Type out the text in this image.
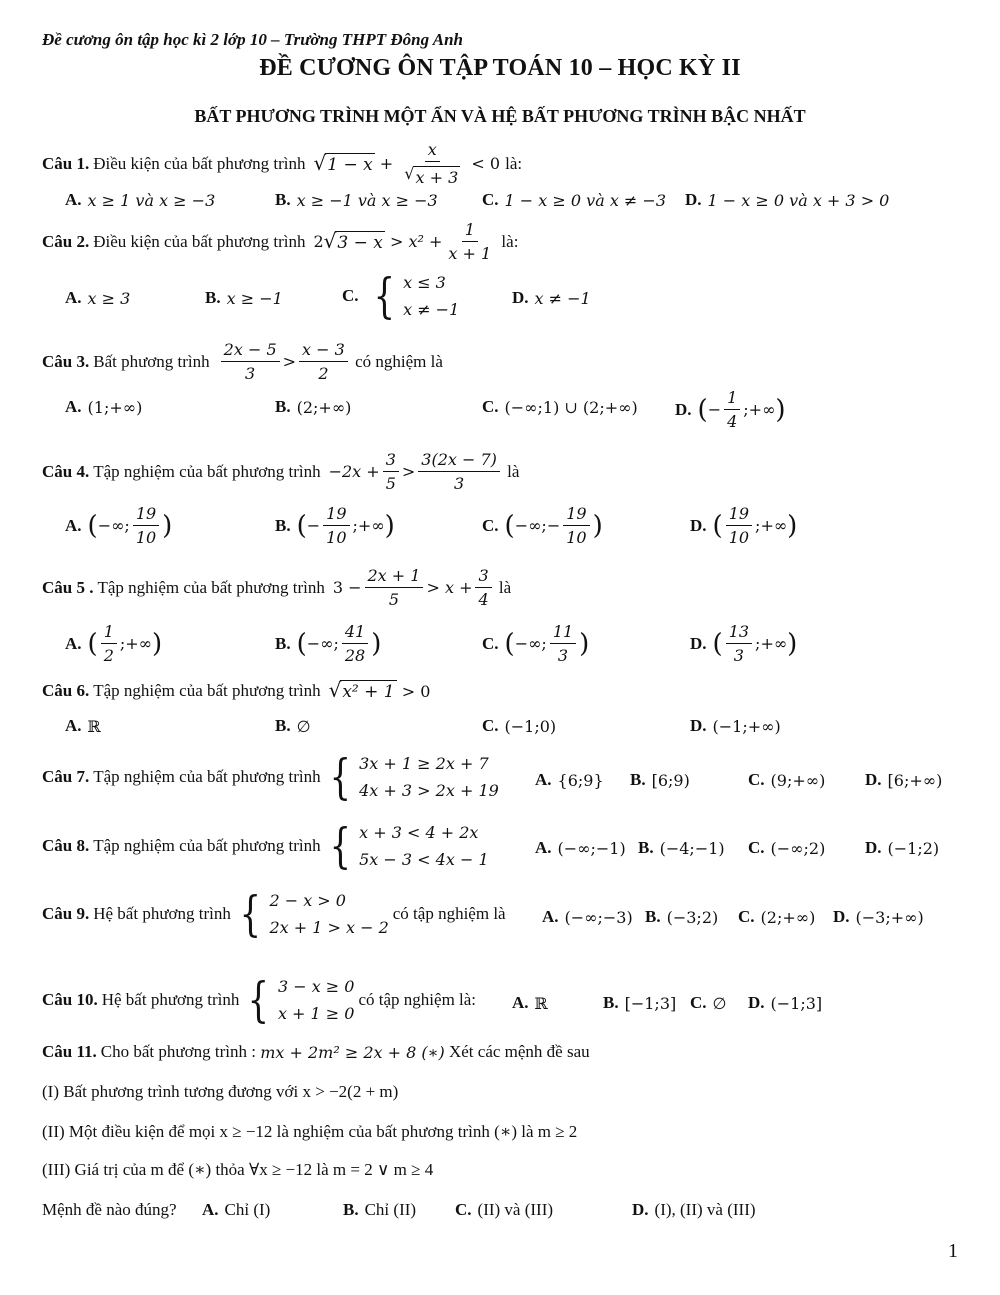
Đề cương ôn tập học kì 2 lớp 10 – Trường THPT Đông Anh
ĐỀ CƯƠNG ÔN TẬP TOÁN 10 – HỌC KỲ II
BẤT PHƯƠNG TRÌNH MỘT ẨN VÀ HỆ BẤT PHƯƠNG TRÌNH BẬC NHẤT
Câu 1. Điều kiện của bất phương trình √ $1 - x + \frac{x}{√ x + 3} < 0$ là:
A. x ≥ 1 và x ≥ −3	B. x ≥ −1 và x ≥ −3	C. 1 − x ≥ 0 và x ≠ −3 D. 1 − x ≥ 0 và x + 3 > 0
Câu 2. Điều kiện của bất phương trình 2 √ $3 - x > x^2 + \frac{1}{x + 1}$
là:
A. x ≥ 3	B. x ≥ −1	C. { x ≤ 3
x ≠ −1
D. x ≠ −1
Câu 3. Bất phương trình $\frac{2x - 5}{3} > \frac{x - 3}{2}$
có nghiệm là
A. (1;+∞)	B. (2;+∞)	C. (−∞;1) ∪ (2;+∞) D. ( − $\frac{1}{4}$ ;+∞ )
Câu 4. Tập nghiệm của bất phương trình $-2x + \frac{3}{5} > \frac{3(2x - 7)}{3}$
là
A. ( −∞; $\frac{19}{10}$ )	B. ( − $\frac{19}{10}$ ;+∞ )	C. ( −∞;− $\frac{19}{10}$ )	D. ( $\frac{19}{10}$ ;+∞ )
Câu 5 . Tập nghiệm của bất phương trình $3 - \frac{2x + 1}{5} > x + \frac{3}{4}$
là
A. ( $\frac{1}{2}$ ;+∞ )	B. ( −∞; $\frac{41}{28}$ )	C. ( −∞; $\frac{11}{3}$ )	D. ( $\frac{13}{3}$ ;+∞ )
Câu 6. Tập nghiệm của bất phương trình √ x² + 1 > 0
A. ℝ	B. ∅	C. (−1;0)	D. (−1;+∞)
Câu 7. Tập nghiệm của bất phương trình { 3x + 1 ≥ 2x + 7
4x + 3 > 2x + 19
A. {6;9} B. [6;9)	C. (9;+∞) D. [6;+∞)
Câu 8. Tập nghiệm của bất phương trình { x + 3 < 4 + 2x
5x − 3 < 4x − 1
A. (−∞;−1) B. (−4;−1) C. (−∞;2) D. (−1;2)
Câu 9. Hệ bất phương trình { 2 − x > 0
2x + 1 > x − 2
có tập nghiệm là A. (−∞;−3) B. (−3;2) C. (2;+∞) D. (−3;+∞)
Câu 10. Hệ bất phương trình { 3 − x ≥ 0
x + 1 ≥ 0
có tập nghiệm là: A. ℝ	B. [−1;3] C. ∅ D. (−1;3]
Câu 11. Cho bất phương trình :
mx + 2m² ≥ 2x + 8 (∗)
Xét các mệnh đề sau
(I) Bất phương trình tương đương với x > −2(2 + m)
(II) Một điều kiện để mọi x ≥ −12 là nghiệm của bất phương trình (∗) là m ≥ 2
(III) Giá trị của m để (∗) thỏa ∀x ≥ −12 là m = 2 ∨ m ≥ 4
Mệnh đề nào đúng? A. Chỉ (I)	B. Chỉ (II) C. (II) và (III)	D. (I), (II) và (III)
1
